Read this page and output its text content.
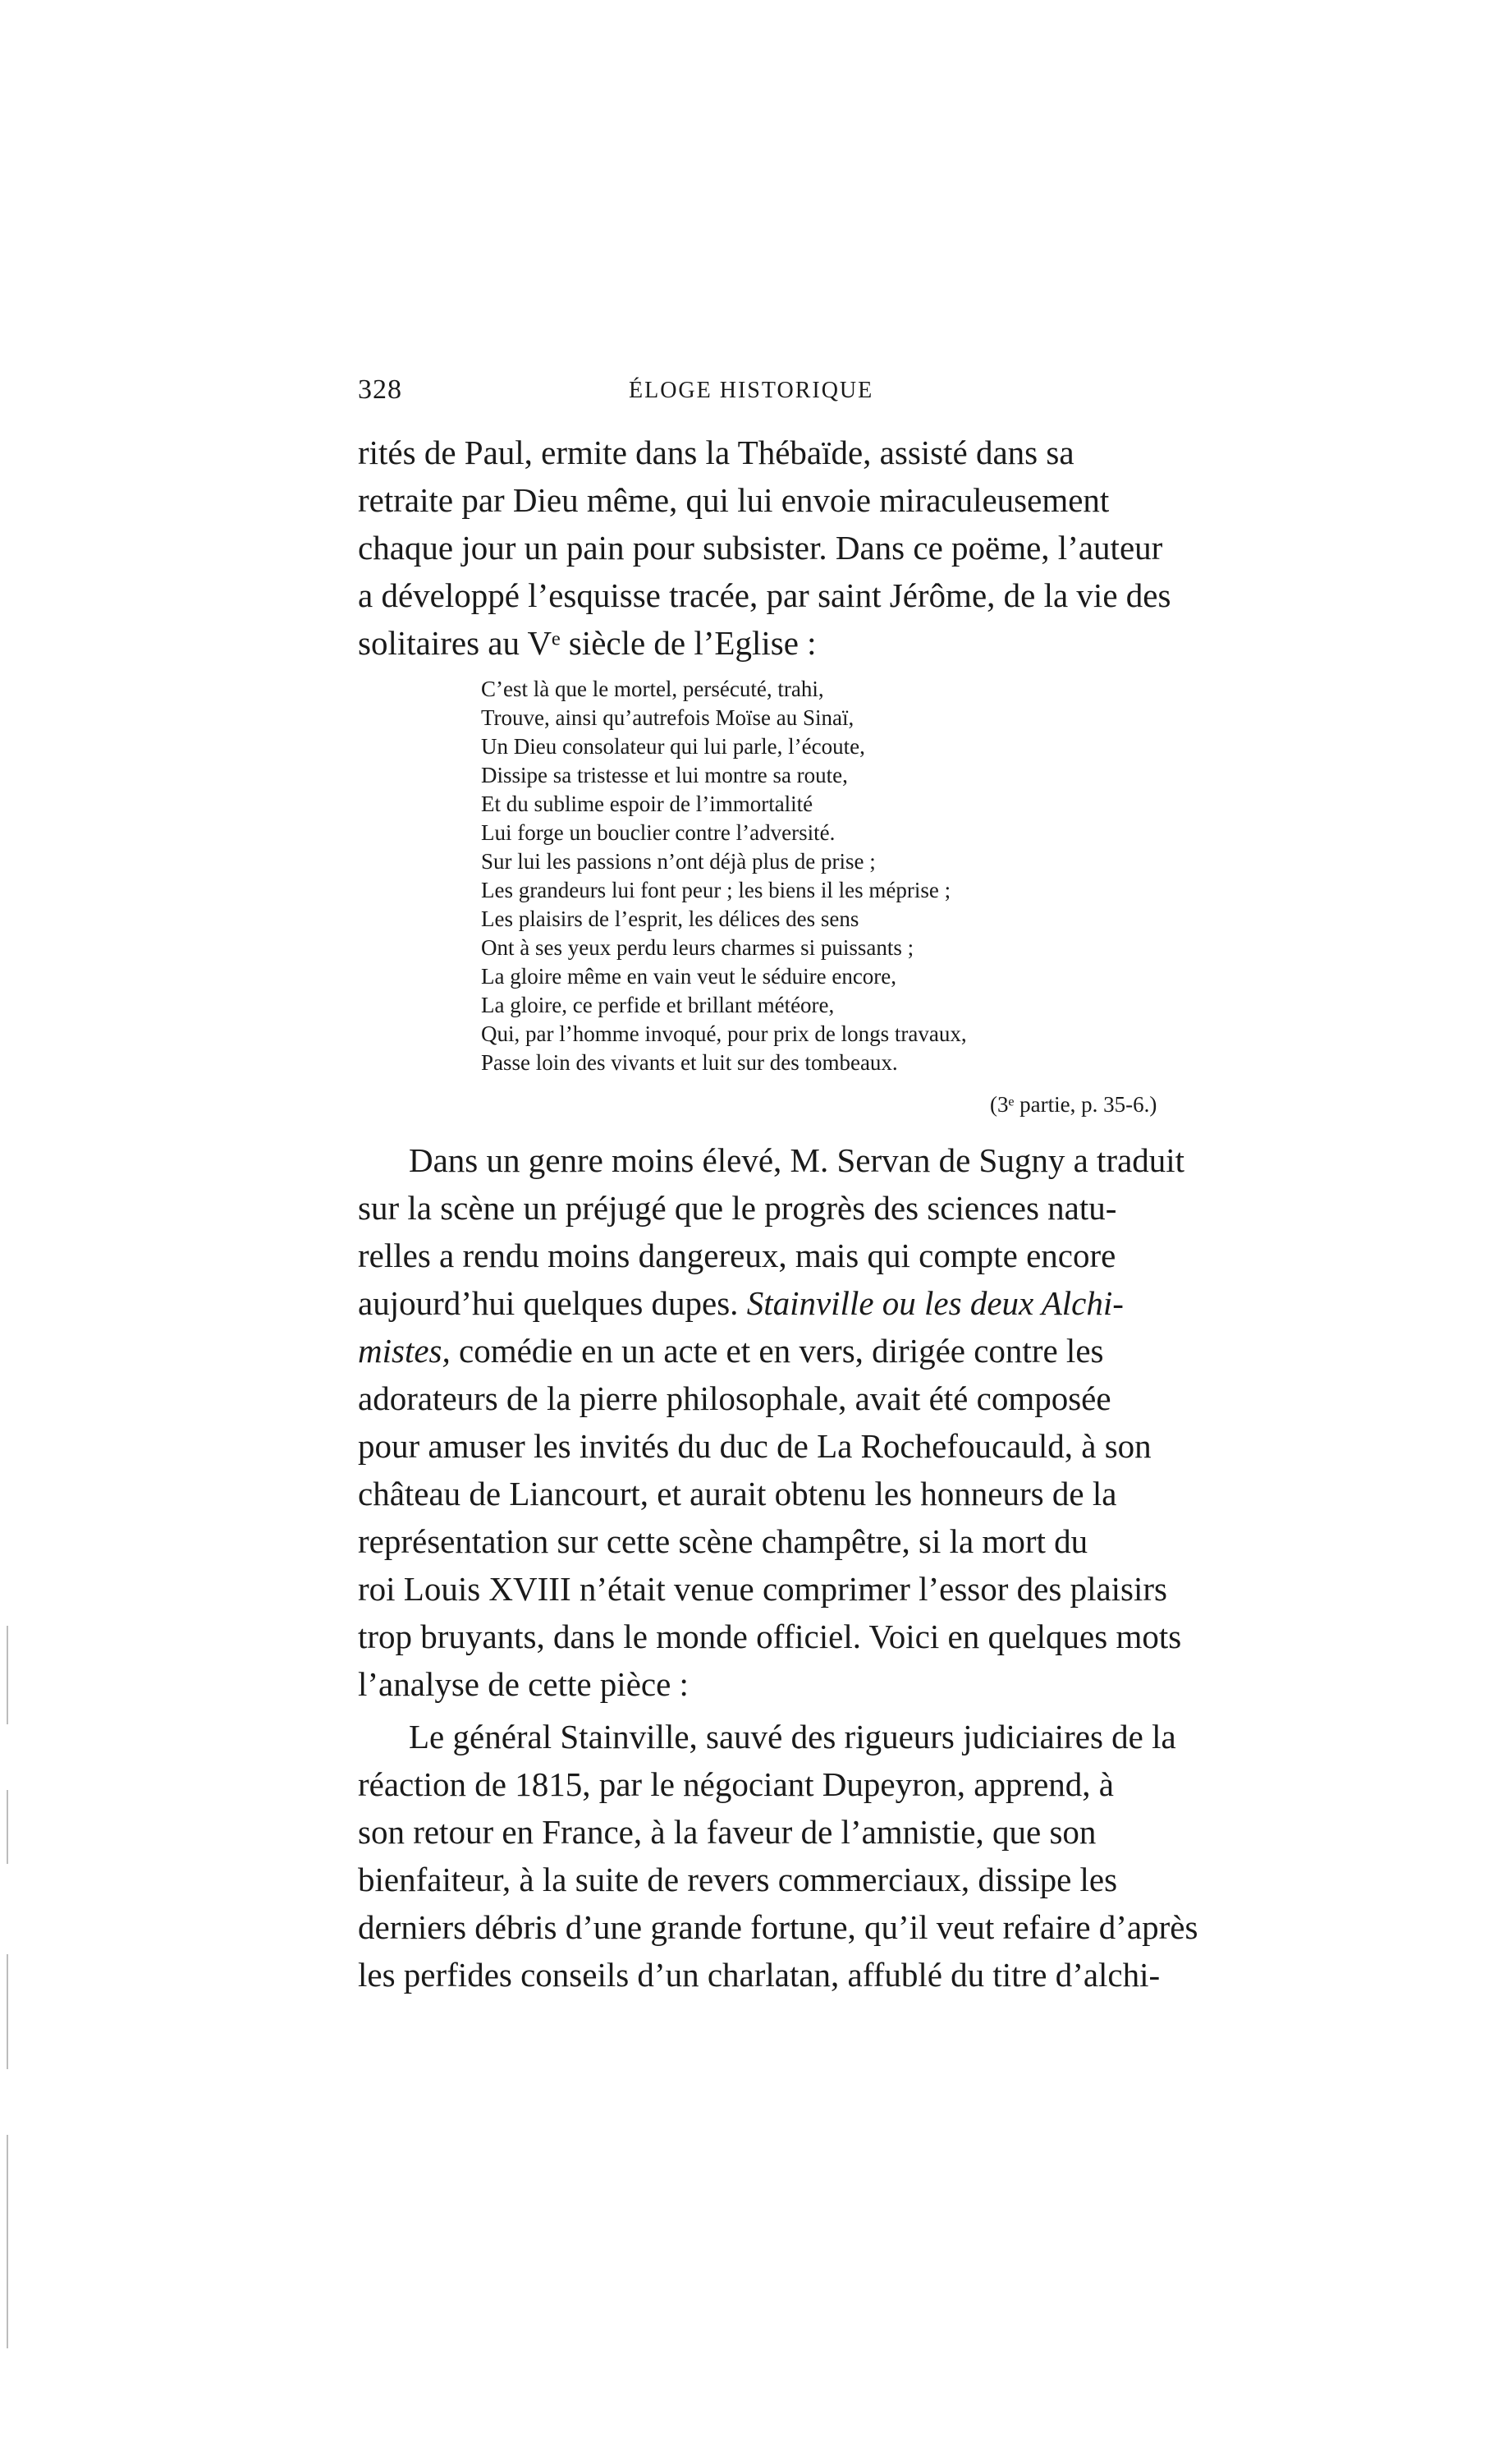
328	ÉLOGE HISTORIQUE
rités de Paul, ermite dans la Thébaïde, assisté dans sa
retraite par Dieu même, qui lui envoie miraculeusement
chaque jour un pain pour subsister. Dans ce poëme, l’auteur
a développé l’esquisse tracée, par saint Jérôme, de la vie des
solitaires au Vᵉ siècle de l’Eglise :
C’est là que le mortel, persécuté, trahi,
Trouve, ainsi qu’autrefois Moïse au Sinaï,
Un Dieu consolateur qui lui parle, l’écoute,
Dissipe sa tristesse et lui montre sa route,
Et du sublime espoir de l’immortalité
Lui forge un bouclier contre l’adversité.
Sur lui les passions n’ont déjà plus de prise ;
Les grandeurs lui font peur ; les biens il les méprise ;
Les plaisirs de l’esprit, les délices des sens
Ont à ses yeux perdu leurs charmes si puissants ;
La gloire même en vain veut le séduire encore,
La gloire, ce perfide et brillant météore,
Qui, par l’homme invoqué, pour prix de longs travaux,
Passe loin des vivants et luit sur des tombeaux.
(3ᵉ partie, p. 35-6.)
Dans un genre moins élevé, M. Servan de Sugny a traduit
sur la scène un préjugé que le progrès des sciences natu-
relles a rendu moins dangereux, mais qui compte encore
aujourd’hui quelques dupes. Stainville ou les deux Alchi-
mistes, comédie en un acte et en vers, dirigée contre les
adorateurs de la pierre philosophale, avait été composée
pour amuser les invités du duc de La Rochefoucauld, à son
château de Liancourt, et aurait obtenu les honneurs de la
représentation sur cette scène champêtre, si la mort du
roi Louis XVIII n’était venue comprimer l’essor des plaisirs
trop bruyants, dans le monde officiel. Voici en quelques mots
l’analyse de cette pièce :
Le général Stainville, sauvé des rigueurs judiciaires de la
réaction de 1815, par le négociant Dupeyron, apprend, à
son retour en France, à la faveur de l’amnistie, que son
bienfaiteur, à la suite de revers commerciaux, dissipe les
derniers débris d’une grande fortune, qu’il veut refaire d’après
les perfides conseils d’un charlatan, affublé du titre d’alchi-
